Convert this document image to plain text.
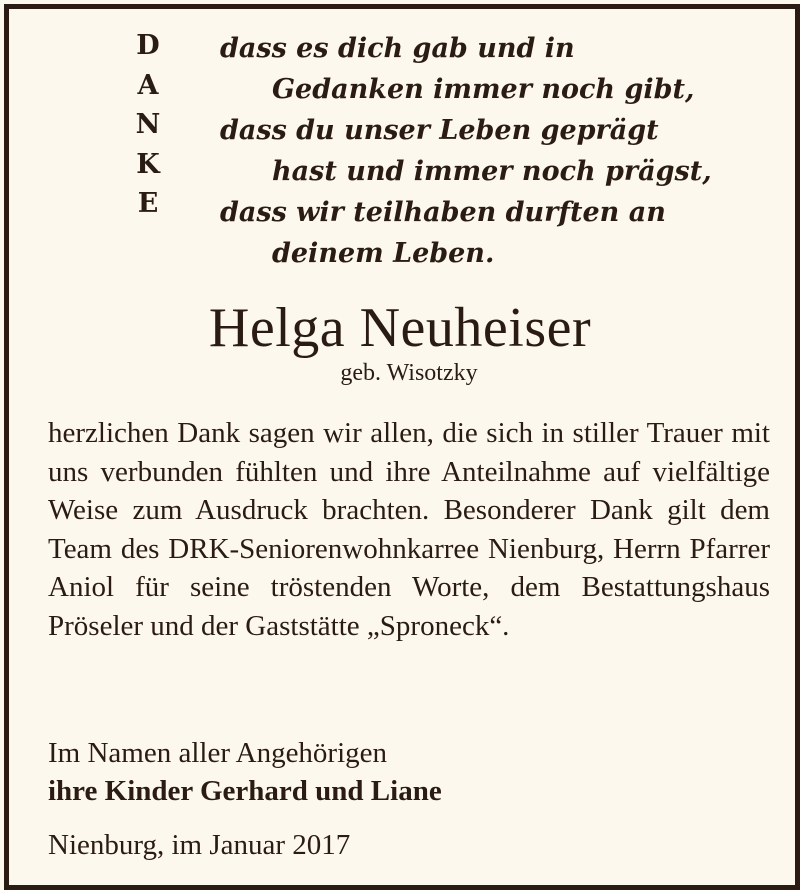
D
A
N
K
E
dass es dich gab und in
Gedanken immer noch gibt,
dass du unser Leben geprägt
hast und immer noch prägst,
dass wir teilhaben durften an
deinem Leben.
Helga Neuheiser
geb. Wisotzky

herzlichen Dank sagen wir allen, die sich in stiller Trauer mit uns verbunden fühlten und ihre Anteilnahme auf vielfältige Weise zum Ausdruck brachten. Besonderer Dank gilt dem Team des DRK-Seniorenwohnkarree Nienburg, Herrn Pfarrer Aniol für seine tröstenden Worte, dem Bestattungshaus Pröseler und der Gaststätte „Sproneck“.

Im Namen aller Angehörigen
ihre Kinder Gerhard und Liane
Nienburg, im Januar 2017
